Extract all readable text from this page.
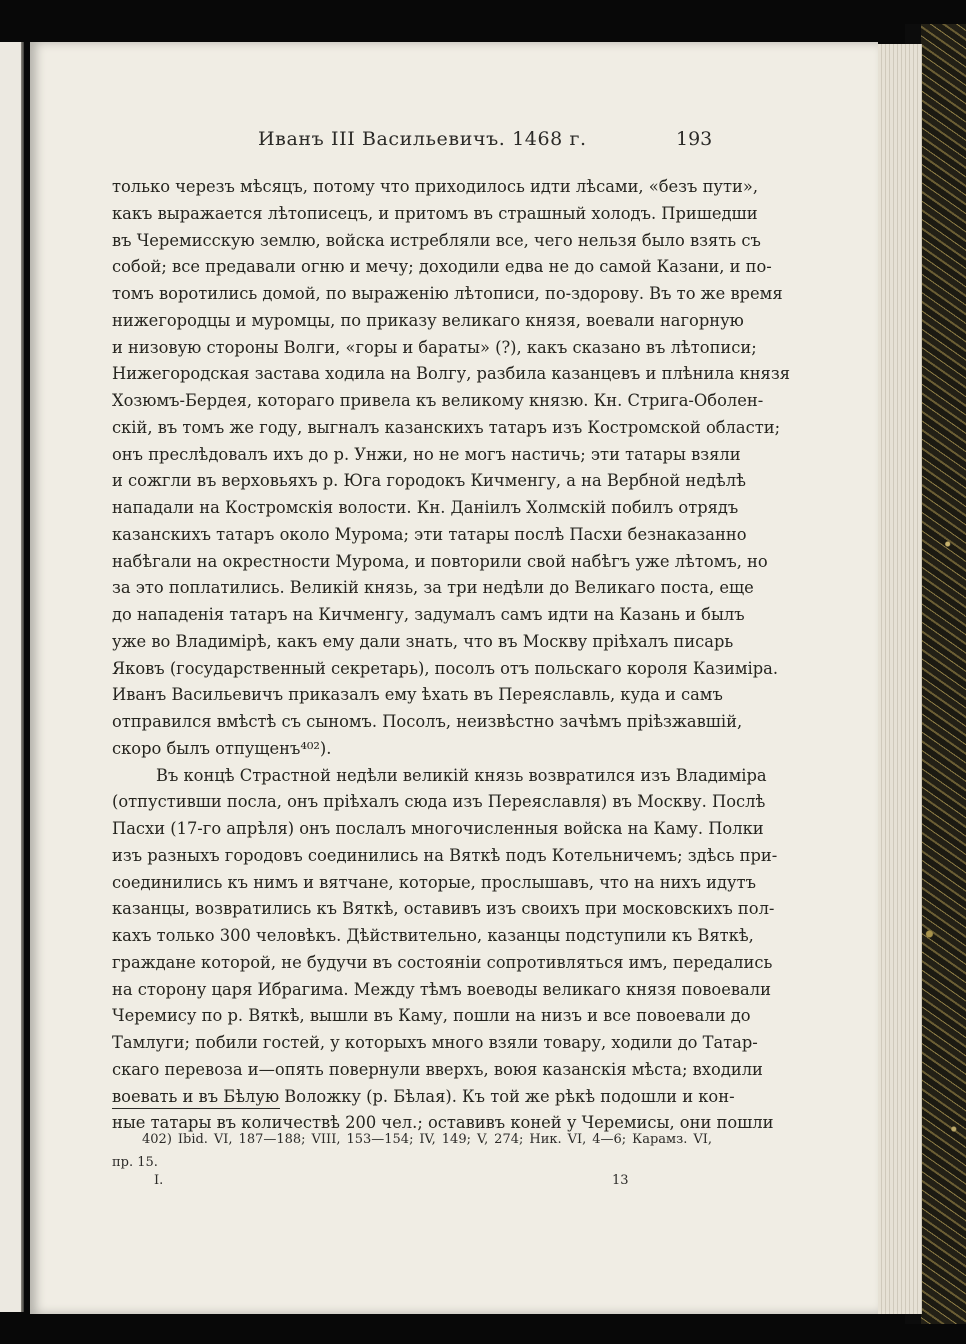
Иванъ III Васильевичъ. 1468 г.	193
только черезъ мѣсяцъ, потому что приходилось идти лѣсами, «безъ пути»,
какъ выражается лѣтописецъ, и притомъ въ страшный холодъ. Пришедши
въ Черемисскую землю, войска истребляли все, чего нельзя было взять съ
собой; все предавали огню и мечу; доходили едва не до самой Казани, и по-
томъ воротились домой, по выраженію лѣтописи, по-здорову. Въ то же время
нижегородцы и муромцы, по приказу великаго князя, воевали нагорную
и низовую стороны Волги, «горы и бараты» (?), какъ сказано въ лѣтописи;
Нижегородская застава ходила на Волгу, разбила казанцевъ и плѣнила князя
Хозюмъ-Бердея, котораго привела къ великому князю. Кн. Стрига-Оболен-
скій, въ томъ же году, выгналъ казанскихъ татаръ изъ Костромской области;
онъ преслѣдовалъ ихъ до р. Унжи, но не могъ настичь; эти татары взяли
и сожгли въ верховьяхъ р. Юга городокъ Кичменгу, а на Вербной недѣлѣ
нападали на Костромскія волости. Кн. Даніилъ Холмскій побилъ отрядъ
казанскихъ татаръ около Мурома; эти татары послѣ Пасхи безнаказанно
набѣгали на окрестности Мурома, и повторили свой набѣгъ уже лѣтомъ, но
за это поплатились. Великій князь, за три недѣли до Великаго поста, еще
до нападенія татаръ на Кичменгу, задумалъ самъ идти на Казань и былъ
уже во Владимірѣ, какъ ему дали знать, что въ Москву пріѣхалъ писарь
Яковъ (государственный секретарь), посолъ отъ польскаго короля Казиміра.
Иванъ Васильевичъ приказалъ ему ѣхать въ Переяславль, куда и самъ
отправился вмѣстѣ съ сыномъ. Посолъ, неизвѣстно зачѣмъ пріѣзжавшій,
скоро былъ отпущенъ⁴⁰²).
Въ концѣ Страстной недѣли великій князь возвратился изъ Владиміра
(отпустивши посла, онъ пріѣхалъ сюда изъ Переяславля) въ Москву. Послѣ
Пасхи (17-го апрѣля) онъ послалъ многочисленныя войска на Каму. Полки
изъ разныхъ городовъ соединились на Вяткѣ подъ Котельничемъ; здѣсь при-
соединились къ нимъ и вятчане, которые, прослышавъ, что на нихъ идутъ
казанцы, возвратились къ Вяткѣ, оставивъ изъ своихъ при московскихъ пол-
кахъ только 300 человѣкъ. Дѣйствительно, казанцы подступили къ Вяткѣ,
граждане которой, не будучи въ состояніи сопротивляться имъ, передались
на сторону царя Ибрагима. Между тѣмъ воеводы великаго князя повоевали
Черемису по р. Вяткѣ, вышли въ Каму, пошли на низъ и все повоевали до
Тамлуги; побили гостей, у которыхъ много взяли товару, ходили до Татар-
скаго перевоза и—опять повернули вверхъ, воюя казанскія мѣста; входили
воевать и въ Бѣлую Воложку (р. Бѣлая). Къ той же рѣкѣ подошли и кон-
ные татары въ количествѣ 200 чел.; оставивъ коней у Черемисы, они пошли
402) Ibid. VI, 187—188; VIII, 153—154; IV, 149; V, 274; Ник. VI, 4—6; Карамз. VI,
пр. 15.
I.	13
